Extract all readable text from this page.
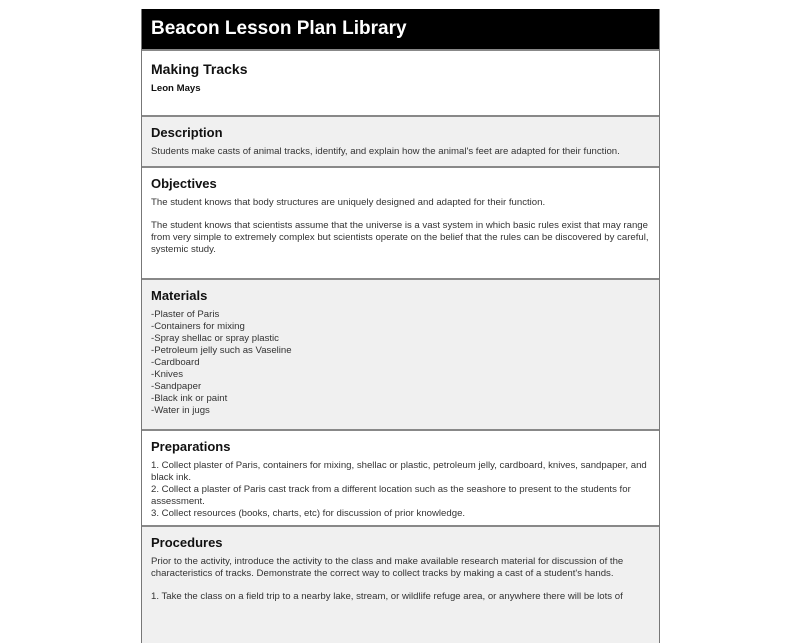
Beacon Lesson Plan Library
Making Tracks
Leon Mays
Description

Students make casts of animal tracks, identify, and explain how the animal's feet are adapted for their function.

Objectives

The student knows that body structures are uniquely designed and adapted for their function.

The student knows that scientists assume that the universe is a vast system in which basic rules exist that may range from very simple to extremely complex but scientists operate on the belief that the rules can be discovered by careful, systemic study.

Materials
-Plaster of Paris
-Containers for mixing
-Spray shellac or spray plastic
-Petroleum jelly such as Vaseline
-Cardboard
-Knives
-Sandpaper
-Black ink or paint
-Water in jugs
Preparations
1. Collect plaster of Paris, containers for mixing, shellac or plastic, petroleum jelly, cardboard, knives, sandpaper, and black ink.
2. Collect a plaster of Paris cast track from a different location such as the seashore to present to the students for assessment.
3. Collect resources (books, charts, etc) for discussion of prior knowledge.
Procedures

Prior to the activity, introduce the activity to the class and make available research material for discussion of the characteristics of tracks. Demonstrate the correct way to collect tracks by making a cast of a student's hands.

1. Take the class on a field trip to a nearby lake, stream, or wildlife refuge area, or anywhere there will be lots of
